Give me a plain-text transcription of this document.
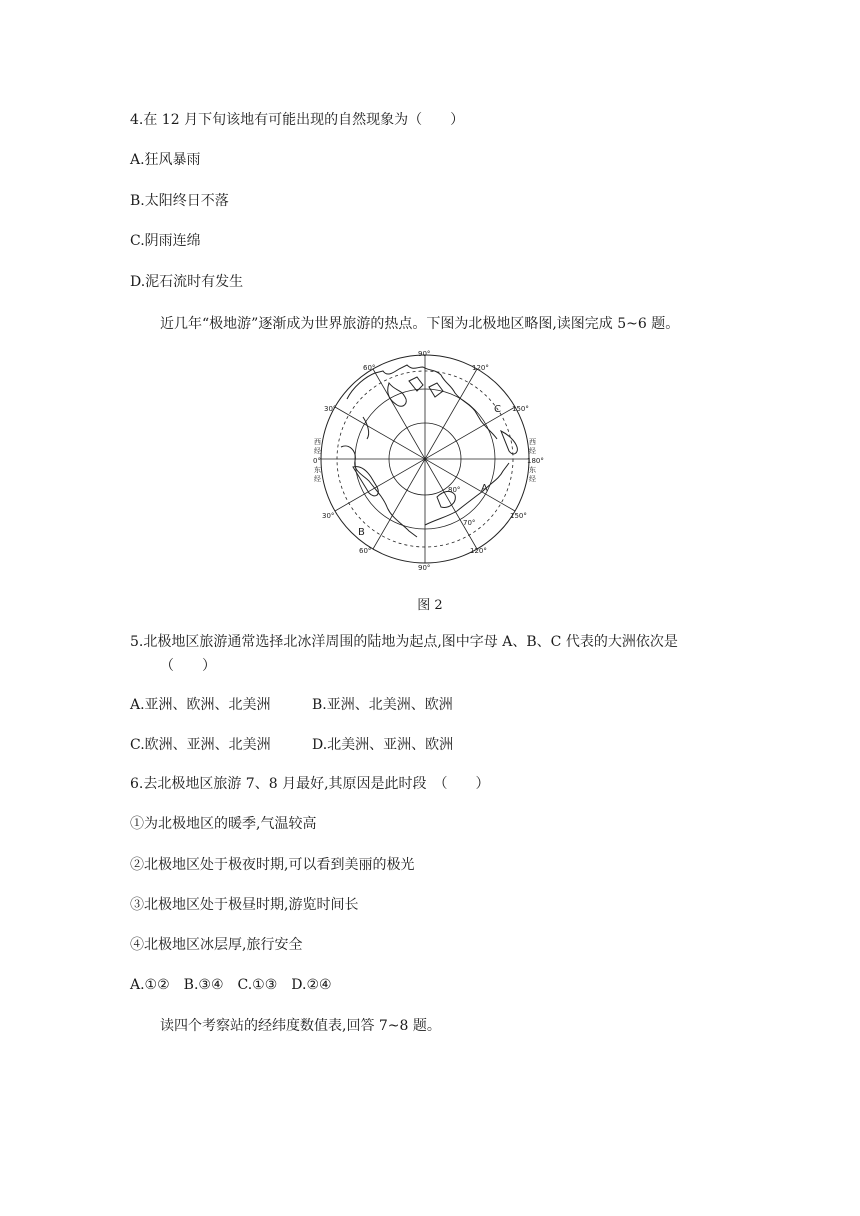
4.在 12 月下旬该地有可能出现的自然现象为（　　）
A.狂风暴雨
B.太阳终日不落
C.阴雨连绵
D.泥石流时有发生
近几年“极地游”逐渐成为世界旅游的热点。下图为北极地区略图,读图完成 5~6 题。
90°
90°
60°
60°
30°
30°
120°
120°
150°
150°
180°
0°
西
经
东
经
西
经
东
经
80°
70°
A
B
C
图 2
5.北极地区旅游通常选择北冰洋周围的陆地为起点,图中字母 A、B、C 代表的大洲依次是
（　　）
A.亚洲、欧洲、北美洲	B.亚洲、北美洲、欧洲
C.欧洲、亚洲、北美洲	D.北美洲、亚洲、欧洲
6.去北极地区旅游 7、8 月最好,其原因是此时段　（　　）
①为北极地区的暖季,气温较高
②北极地区处于极夜时期,可以看到美丽的极光
③北极地区处于极昼时期,游览时间长
④北极地区冰层厚,旅行安全
A.①② B.③④ C.①③ D.②④
读四个考察站的经纬度数值表,回答 7~8 题。
